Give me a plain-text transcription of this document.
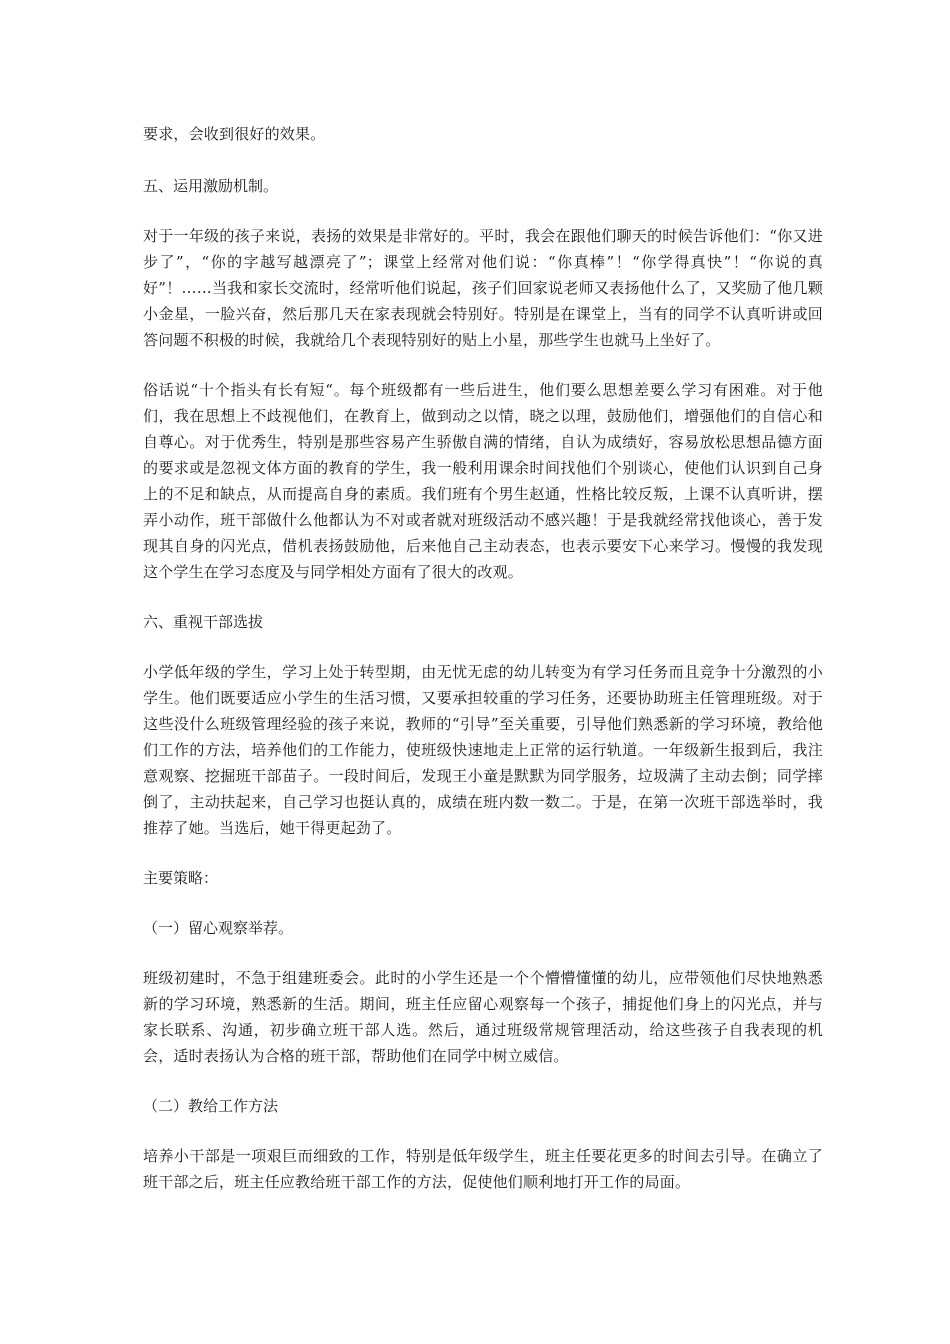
要求，会收到很好的效果。

五、运用激励机制。

对于一年级的孩子来说，表扬的效果是非常好的。平时，我会在跟他们聊天的时候告诉他们：“你又进步了”，“你的字越写越漂亮了”；课堂上经常对他们说：“你真棒”！“你学得真快”！“你说的真好”！……当我和家长交流时，经常听他们说起，孩子们回家说老师又表扬他什么了，又奖励了他几颗小金星，一脸兴奋，然后那几天在家表现就会特别好。特别是在课堂上，当有的同学不认真听讲或回答问题不积极的时候，我就给几个表现特别好的贴上小星，那些学生也就马上坐好了。

俗话说“十个指头有长有短“。每个班级都有一些后进生，他们要么思想差要么学习有困难。对于他们，我在思想上不歧视他们，在教育上，做到动之以情，晓之以理，鼓励他们，增强他们的自信心和自尊心。对于优秀生，特别是那些容易产生骄傲自满的情绪，自认为成绩好，容易放松思想品德方面的要求或是忽视文体方面的教育的学生，我一般利用课余时间找他们个别谈心，使他们认识到自己身上的不足和缺点，从而提高自身的素质。我们班有个男生赵通，性格比较反叛，上课不认真听讲，摆弄小动作，班干部做什么他都认为不对或者就对班级活动不感兴趣！于是我就经常找他谈心，善于发现其自身的闪光点，借机表扬鼓励他，后来他自己主动表态，也表示要安下心来学习。慢慢的我发现这个学生在学习态度及与同学相处方面有了很大的改观。

六、重视干部选拔

小学低年级的学生，学习上处于转型期，由无忧无虑的幼儿转变为有学习任务而且竞争十分激烈的小学生。他们既要适应小学生的生活习惯，又要承担较重的学习任务，还要协助班主任管理班级。对于这些没什么班级管理经验的孩子来说，教师的“引导”至关重要，引导他们熟悉新的学习环境，教给他们工作的方法，培养他们的工作能力，使班级快速地走上正常的运行轨道。一年级新生报到后，我注意观察、挖掘班干部苗子。一段时间后，发现王小童是默默为同学服务，垃圾满了主动去倒；同学摔倒了，主动扶起来，自己学习也挺认真的，成绩在班内数一数二。于是，在第一次班干部选举时，我推荐了她。当选后，她干得更起劲了。

主要策略：

（一）留心观察举荐。

班级初建时，不急于组建班委会。此时的小学生还是一个个懵懵懂懂的幼儿，应带领他们尽快地熟悉新的学习环境，熟悉新的生活。期间，班主任应留心观察每一个孩子，捕捉他们身上的闪光点，并与家长联系、沟通，初步确立班干部人选。然后，通过班级常规管理活动，给这些孩子自我表现的机会，适时表扬认为合格的班干部，帮助他们在同学中树立威信。

（二）教给工作方法

培养小干部是一项艰巨而细致的工作，特别是低年级学生，班主任要花更多的时间去引导。在确立了班干部之后，班主任应教给班干部工作的方法，促使他们顺利地打开工作的局面。
